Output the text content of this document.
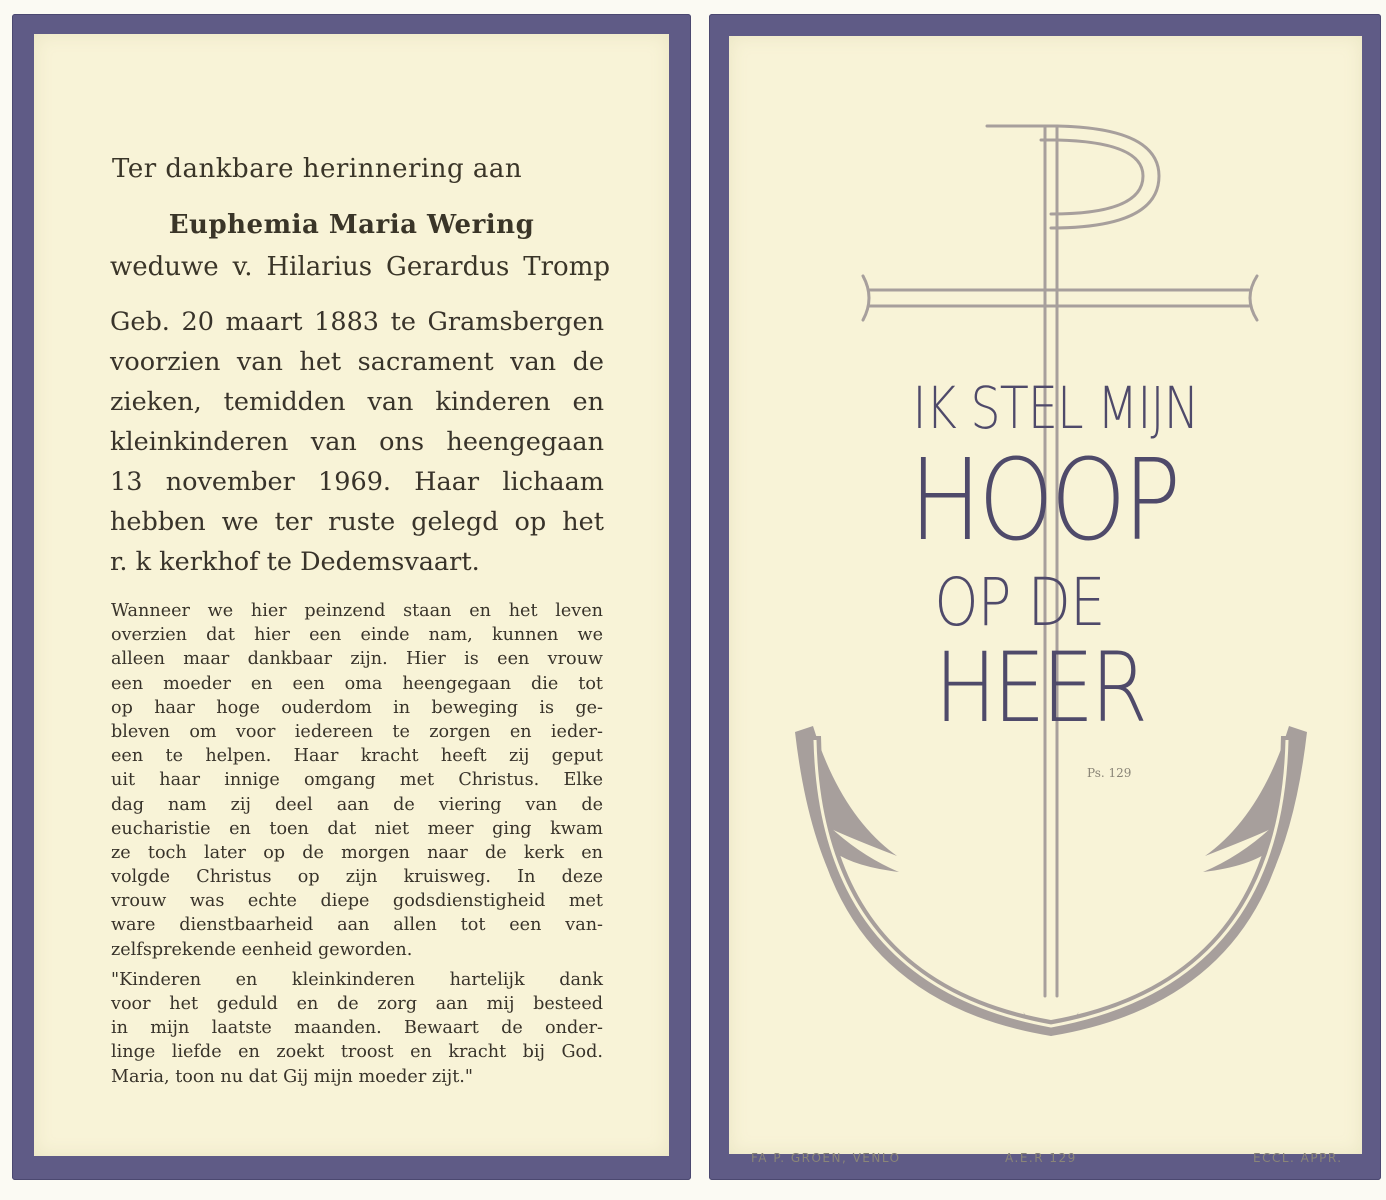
Ter dankbare herinnering aan
Euphemia Maria Wering
weduwe v. Hilarius Gerardus Tromp
Geb. 20 maart 1883 te Gramsbergen
voorzien van het sacrament van de
zieken, temidden van kinderen en
kleinkinderen van ons heengegaan
13 november 1969. Haar lichaam
hebben we ter ruste gelegd op het
r. k kerkhof te Dedemsvaart.
Wanneer we hier peinzend staan en het leven
overzien dat hier een einde nam, kunnen we
alleen maar dankbaar zijn. Hier is een vrouw
een moeder en een oma heengegaan die tot
op haar hoge ouderdom in beweging is ge-
bleven om voor iedereen te zorgen en ieder-
een te helpen. Haar kracht heeft zij geput
uit haar innige omgang met Christus. Elke
dag nam zij deel aan de viering van de
eucharistie en toen dat niet meer ging kwam
ze toch later op de morgen naar de kerk en
volgde Christus op zijn kruisweg. In deze
vrouw was echte diepe godsdienstigheid met
ware dienstbaarheid aan allen tot een van-
zelfsprekende eenheid geworden.
"Kinderen en kleinkinderen hartelijk dank
voor het geduld en de zorg aan mij besteed
in mijn laatste maanden. Bewaart de onder-
linge liefde en zoekt troost en kracht bij God.
Maria, toon nu dat Gij mijn moeder zijt."
IK STEL MIJN
HOOP
OP DE
HEER
Ps. 129
FA P. GROEN, VENLO	A.E.R 129	ECCL. APPR.
